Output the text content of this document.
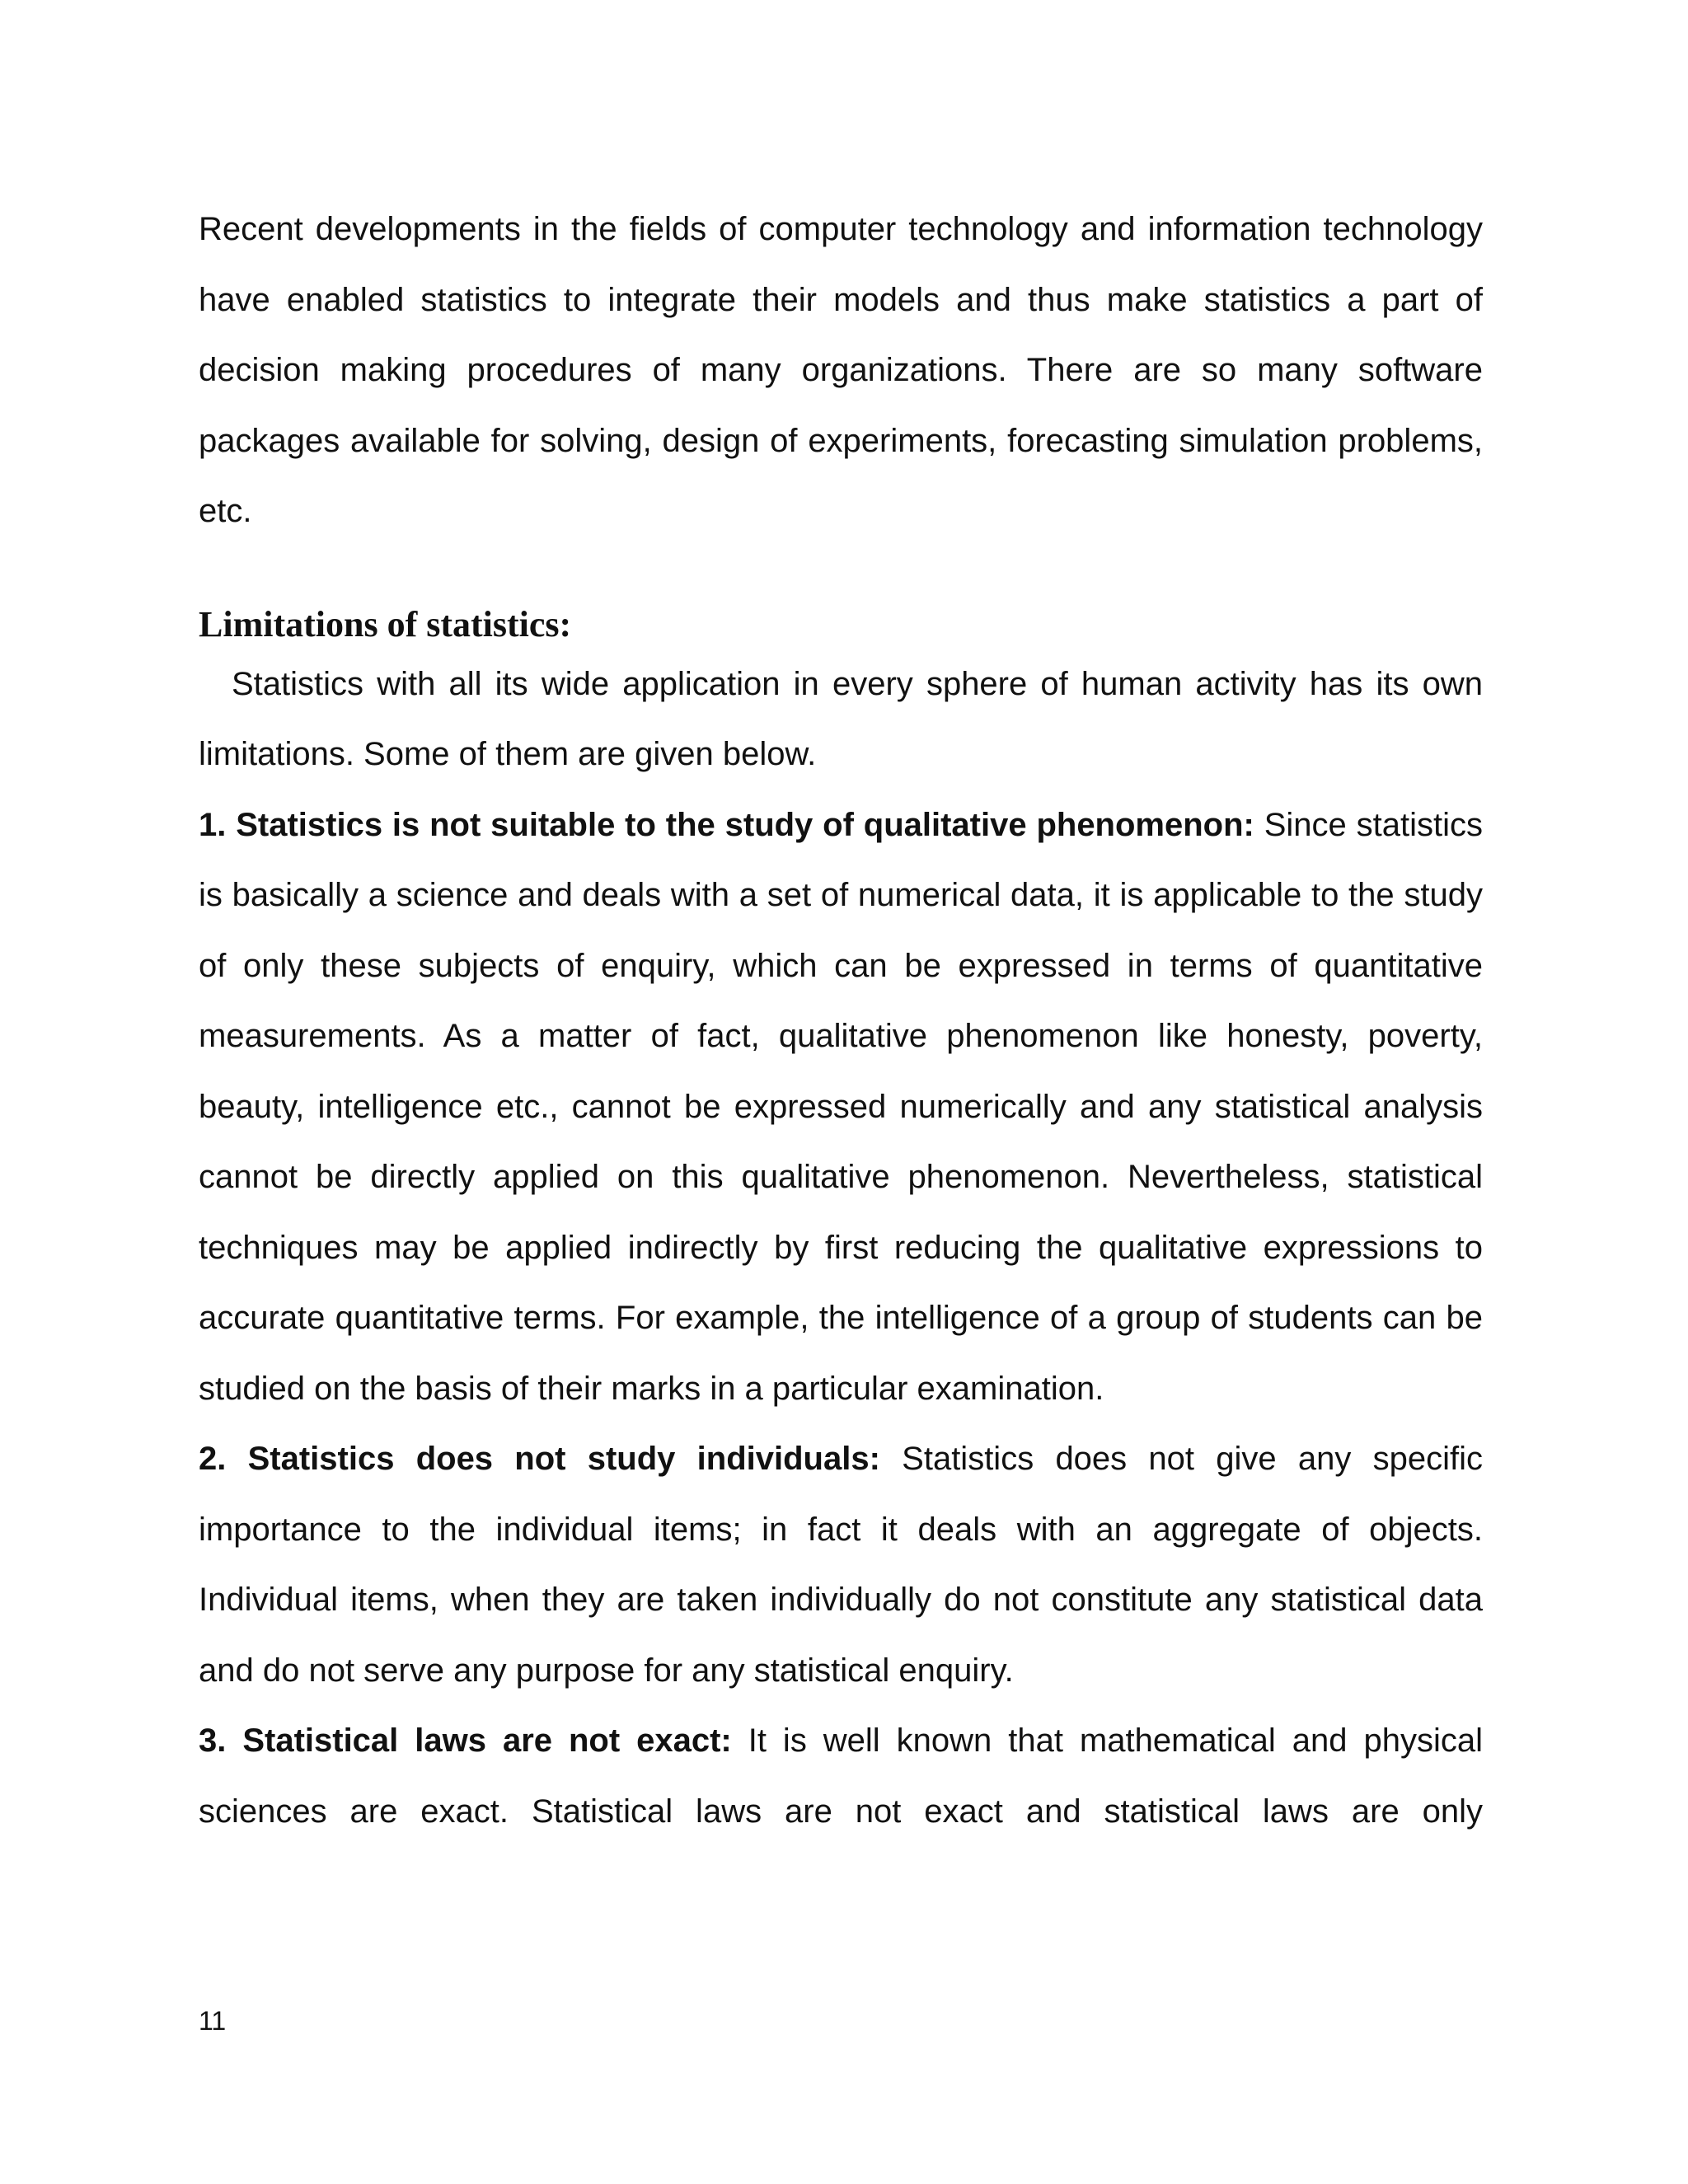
Recent developments in the fields of computer technology and information technology have enabled statistics to integrate their models and thus make statistics a part of decision making procedures of many organizations. There are so many software packages available for solving, design of experiments, forecasting simulation problems, etc.

Limitations of statistics:

Statistics with all its wide application in every sphere of human activity has its own limitations. Some of them are given below.

1. Statistics is not suitable to the study of qualitative phenomenon: Since statistics is basically a science and deals with a set of numerical data, it is applicable to the study of only these subjects of enquiry, which can be expressed in terms of quantitative measurements. As a matter of fact, qualitative phenomenon like honesty, poverty, beauty, intelligence etc., cannot be expressed numerically and any statistical analysis cannot be directly applied on this qualitative phenomenon. Nevertheless, statistical techniques may be applied indirectly by first reducing the qualitative expressions to accurate quantitative terms. For example, the intelligence of a group of students can be studied on the basis of their marks in a particular examination.

2. Statistics does not study individuals: Statistics does not give any specific importance to the individual items; in fact it deals with an aggregate of objects. Individual items, when they are taken individually do not constitute any statistical data and do not serve any purpose for any statistical enquiry.

3. Statistical laws are not exact: It is well known that mathematical and physical sciences are exact. Statistical laws are not exact and statistical laws are only

11
